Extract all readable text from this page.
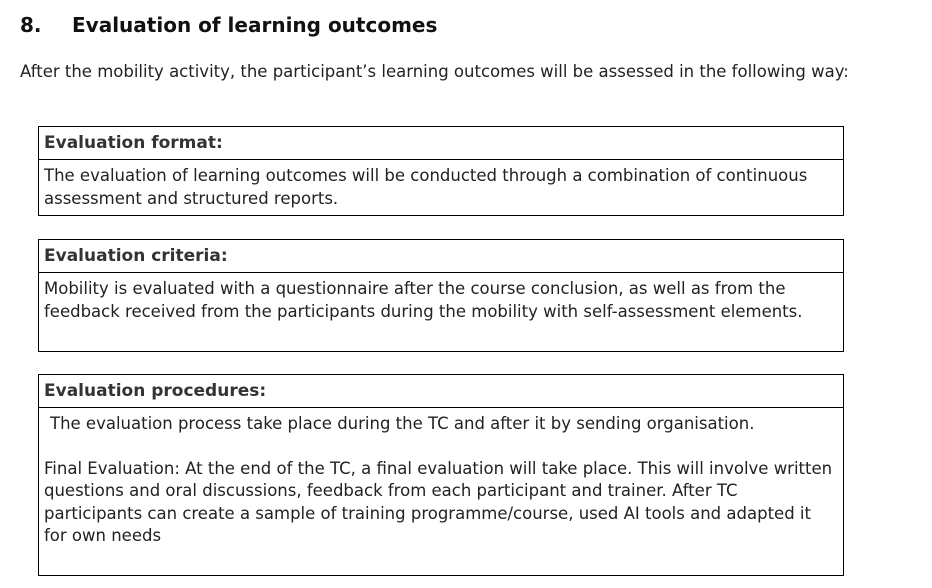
8. Evaluation of learning outcomes
After the mobility activity, the participant’s learning outcomes will be assessed in the following way:
Evaluation format:
The evaluation of learning outcomes will be conducted through a combination of continuous assessment and structured reports.
Evaluation criteria:
Mobility is evaluated with a questionnaire after the course conclusion, as well as from the feedback received from the participants during the mobility with self-assessment elements.
Evaluation procedures:
The evaluation process take place during the TC and after it by sending organisation.
Final Evaluation: At the end of the TC, a final evaluation will take place. This will involve written questions and oral discussions, feedback from each participant and trainer. After TC participants can create a sample of training programme/course, used AI tools and adapted it for own needs
